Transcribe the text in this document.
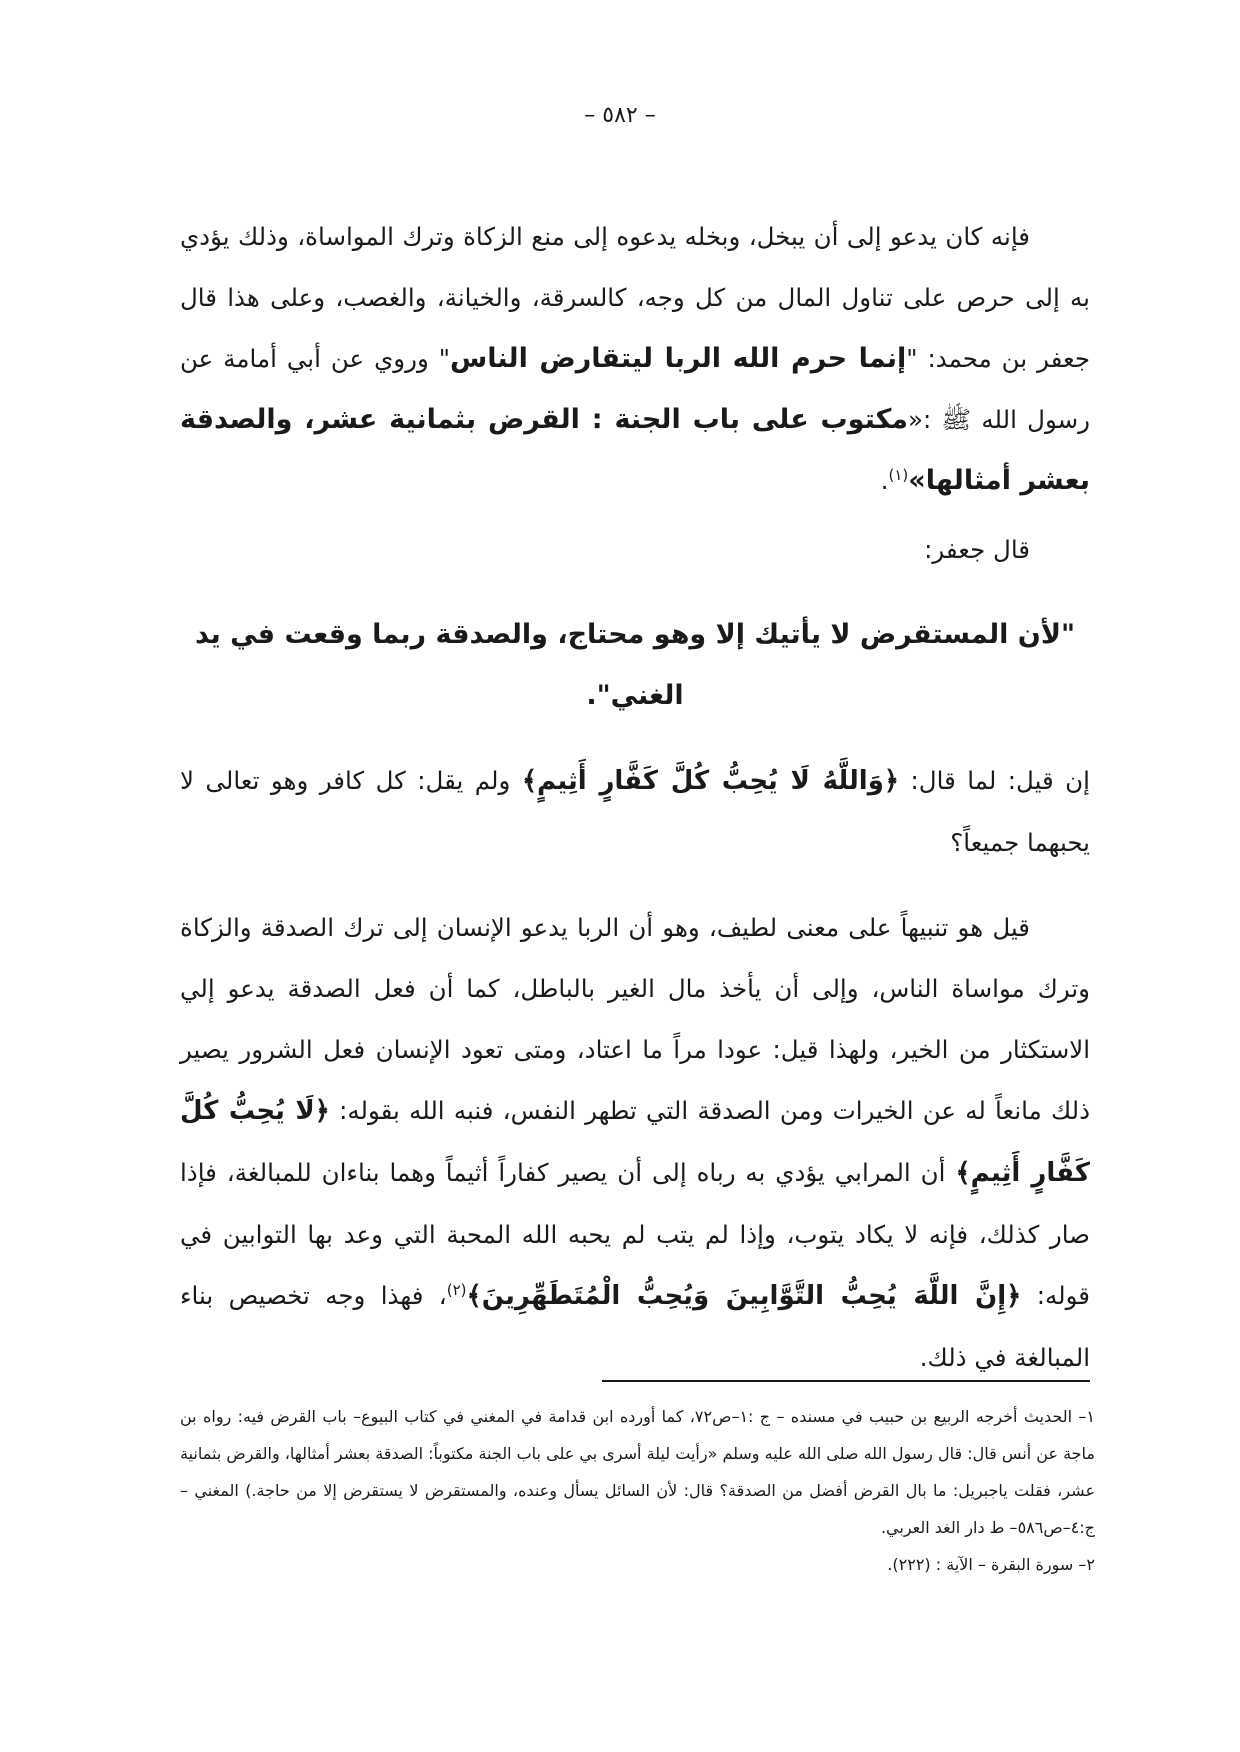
– ٥٨٢ –

فإنه كان يدعو إلى أن يبخل، وبخله يدعوه إلى منع الزكاة وترك المواساة، وذلك يؤدي به إلى حرص على تناول المال من كل وجه، كالسرقة، والخيانة، والغصب، وعلى هذا قال جعفر بن محمد: "إنما حرم الله الربا ليتقارض الناس" وروي عن أبي أمامة عن رسول الله ﷺ :«مكتوب على باب الجنة : القرض بثمانية عشر، والصدقة بعشر أمثالها»$^{(١)}$.

قال جعفر:

"لأن المستقرض لا يأتيك إلا وهو محتاج، والصدقة ربما وقعت في يد الغني".

إن قيل: لما قال: ﴿وَاللَّهُ لَا يُحِبُّ كُلَّ كَفَّارٍ أَثِيمٍ﴾ ولم يقل: كل كافر وهو تعالى لا يحبهما جميعاً؟

قيل هو تنبيهاً على معنى لطيف، وهو أن الربا يدعو الإنسان إلى ترك الصدقة والزكاة وترك مواساة الناس، وإلى أن يأخذ مال الغير بالباطل، كما أن فعل الصدقة يدعو إلي الاستكثار من الخير، ولهذا قيل: عودا مراً ما اعتاد، ومتى تعود الإنسان فعل الشرور يصير ذلك مانعاً له عن الخيرات ومن الصدقة التي تطهر النفس، فنبه الله بقوله: ﴿لَا يُحِبُّ كُلَّ كَفَّارٍ أَثِيمٍ﴾ أن المرابي يؤدي به رباه إلى أن يصير كفاراً أثيماً وهما بناءان للمبالغة، فإذا صار كذلك، فإنه لا يكاد يتوب، وإذا لم يتب لم يحبه الله المحبة التي وعد بها التوابين في قوله: ﴿إِنَّ اللَّهَ يُحِبُّ التَّوَّابِينَ وَيُحِبُّ الْمُتَطَهِّرِينَ﴾$^{(٢)}$، فهذا وجه تخصيص بناء المبالغة في ذلك.

١– الحديث أخرجه الربيع بن حبيب في مسنده – ج :١–ص٧٢، كما أورده ابن قدامة في المغني في كتاب البيوع– باب القرض فيه: رواه بن ماجة عن أنس قال: قال رسول الله صلى الله عليه وسلم «رأيت ليلة أسرى بي على باب الجنة مكتوباً: الصدقة بعشر أمثالها، والقرض بثمانية عشر، فقلت ياجبريل: ما بال القرض أفضل من الصدقة؟ قال: لأن السائل يسأل وعنده، والمستقرض لا يستقرض إلا من حاجة.) المغني – ج:٤–ص٥٨٦– ط دار الغد العربي.

٢– سورة البقرة – الآية : (٢٢٢).
